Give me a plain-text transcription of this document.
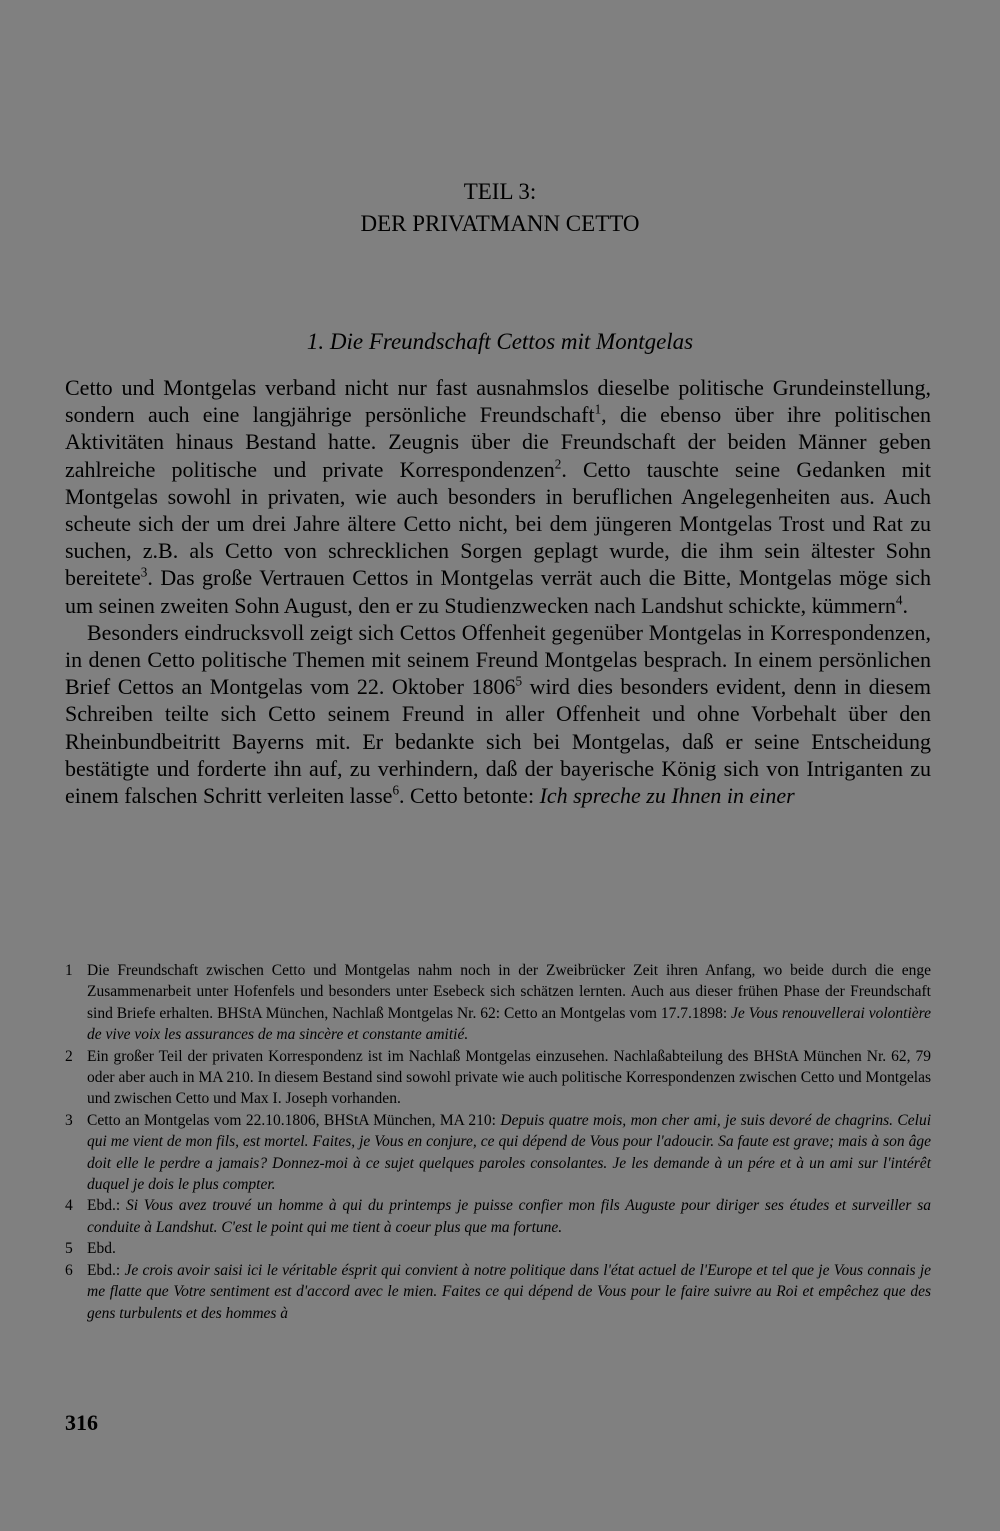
TEIL 3:
DER PRIVATMANN CETTO
1. Die Freundschaft Cettos mit Montgelas

Cetto und Montgelas verband nicht nur fast ausnahmslos dieselbe politische Grundeinstellung, sondern auch eine langjährige persönliche Freundschaft$^1$, die ebenso über ihre politischen Aktivitäten hinaus Bestand hatte. Zeugnis über die Freundschaft der beiden Männer geben zahlreiche politische und private Korrespondenzen$^2$. Cetto tauschte seine Gedanken mit Montgelas sowohl in privaten, wie auch besonders in beruflichen Angelegenheiten aus. Auch scheute sich der um drei Jahre ältere Cetto nicht, bei dem jüngeren Montgelas Trost und Rat zu suchen, z.B. als Cetto von schrecklichen Sorgen geplagt wurde, die ihm sein ältester Sohn bereitete$^3$. Das große Vertrauen Cettos in Montgelas verrät auch die Bitte, Montgelas möge sich um seinen zweiten Sohn August, den er zu Studienzwecken nach Landshut schickte, kümmern$^4$.

Besonders eindrucksvoll zeigt sich Cettos Offenheit gegenüber Montgelas in Korrespondenzen, in denen Cetto politische Themen mit seinem Freund Montgelas besprach. In einem persönlichen Brief Cettos an Montgelas vom 22. Oktober 1806$^5$ wird dies besonders evident, denn in diesem Schreiben teilte sich Cetto seinem Freund in aller Offenheit und ohne Vorbehalt über den Rheinbundbeitritt Bayerns mit. Er bedankte sich bei Montgelas, daß er seine Entscheidung bestätigte und forderte ihn auf, zu verhindern, daß der bayerische König sich von Intriganten zu einem falschen Schritt verleiten lasse$^6$. Cetto betonte: Ich spreche zu Ihnen in einer

1 Die Freundschaft zwischen Cetto und Montgelas nahm noch in der Zweibrücker Zeit ihren Anfang, wo beide durch die enge Zusammenarbeit unter Hofenfels und besonders unter Esebeck sich schätzen lernten. Auch aus dieser frühen Phase der Freundschaft sind Briefe erhalten. BHStA München, Nachlaß Montgelas Nr. 62: Cetto an Montgelas vom 17.7.1898: Je Vous renouvellerai volontière de vive voix les assurances de ma sincère et constante amitié.
2 Ein großer Teil der privaten Korrespondenz ist im Nachlaß Montgelas einzusehen. Nachlaßabteilung des BHStA München Nr. 62, 79 oder aber auch in MA 210. In diesem Bestand sind sowohl private wie auch politische Korrespondenzen zwischen Cetto und Montgelas und zwischen Cetto und Max I. Joseph vorhanden.
3 Cetto an Montgelas vom 22.10.1806, BHStA München, MA 210: Depuis quatre mois, mon cher ami, je suis devoré de chagrins. Celui qui me vient de mon fils, est mortel. Faites, je Vous en conjure, ce qui dépend de Vous pour l'adoucir. Sa faute est grave; mais à son âge doit elle le perdre a jamais? Donnez-moi à ce sujet quelques paroles consolantes. Je les demande à un pére et à un ami sur l'intérêt duquel je dois le plus compter.
4 Ebd.: Si Vous avez trouvé un homme à qui du printemps je puisse confier mon fils Auguste pour diriger ses études et surveiller sa conduite à Landshut. C'est le point qui me tient à coeur plus que ma fortune.
5 Ebd.
6 Ebd.: Je crois avoir saisi ici le véritable ésprit qui convient à notre politique dans l'état actuel de l'Europe et tel que je Vous connais je me flatte que Votre sentiment est d'accord avec le mien. Faites ce qui dépend de Vous pour le faire suivre au Roi et empêchez que des gens turbulents et des hommes à
316
